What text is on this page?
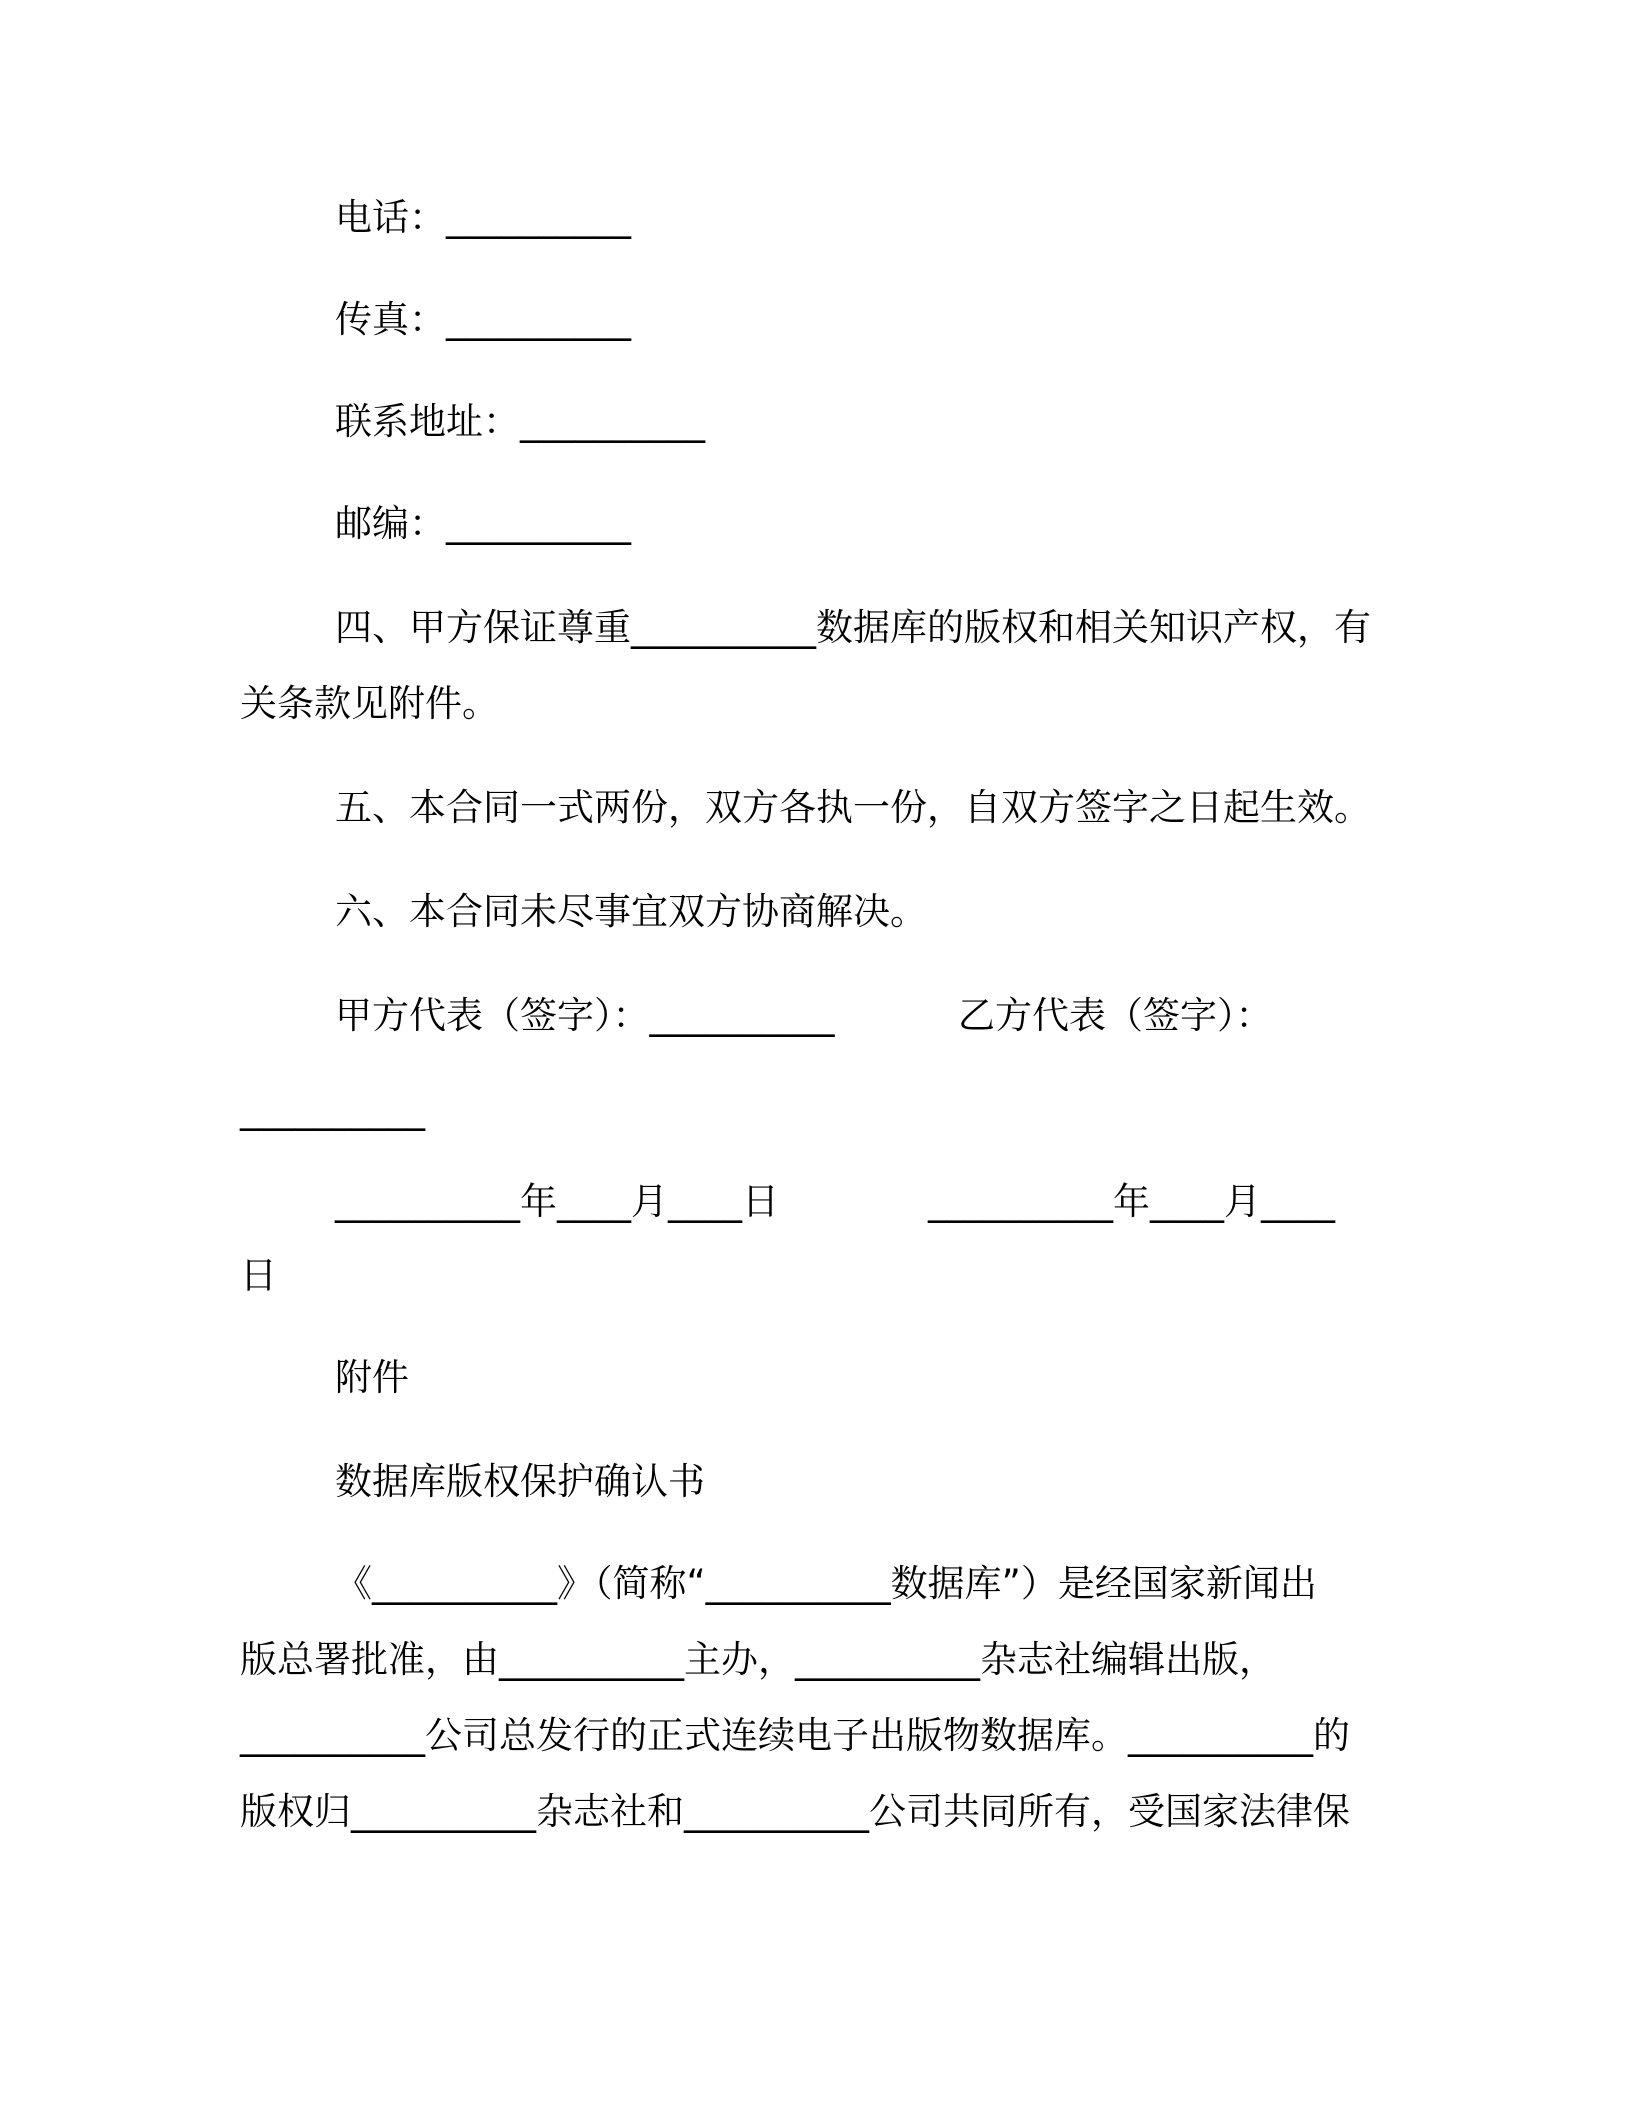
电话：__________
传真：__________
联系地址：__________
邮编：__________
四、甲方保证尊重__________数据库的版权和相关知识产权，有
关条款见附件。
五、本合同一式两份，双方各执一份，自双方签字之日起生效。
六、本合同未尽事宜双方协商解决。
甲方代表（签字）：__________	乙方代表（签字）：
__________
__________年____月____日	__________年____月____
日
附件
数据库版权保护确认书
《__________》（简称“__________数据库”）是经国家新闻出
版总署批准，由__________主办，__________杂志社编辑出版，
__________公司总发行的正式连续电子出版物数据库。__________的
版权归__________杂志社和__________公司共同所有，受国家法律保
